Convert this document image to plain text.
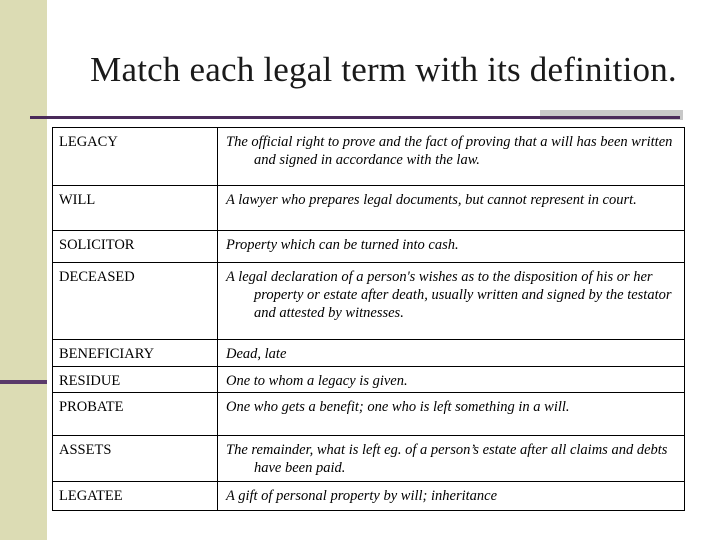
Match each legal term with its definition.
LEGACY	The official right to prove and the fact of proving that a will has been written and signed in accordance with the law.

WILL	A lawyer who prepares legal documents, but cannot represent in court.

SOLICITOR	Property which can be turned into cash.

DECEASED	A legal declaration of a person's wishes as to the disposition of his or her property or estate after death, usually written and signed by the testator and attested by witnesses.

BENEFICIARY	Dead, late

RESIDUE	One to whom a legacy is given.

PROBATE	One who gets a benefit; one who is left something in a will.

ASSETS	The remainder, what is left eg. of a person’s estate after all claims and debts have been paid.

LEGATEE	A gift of personal property by will; inheritance
